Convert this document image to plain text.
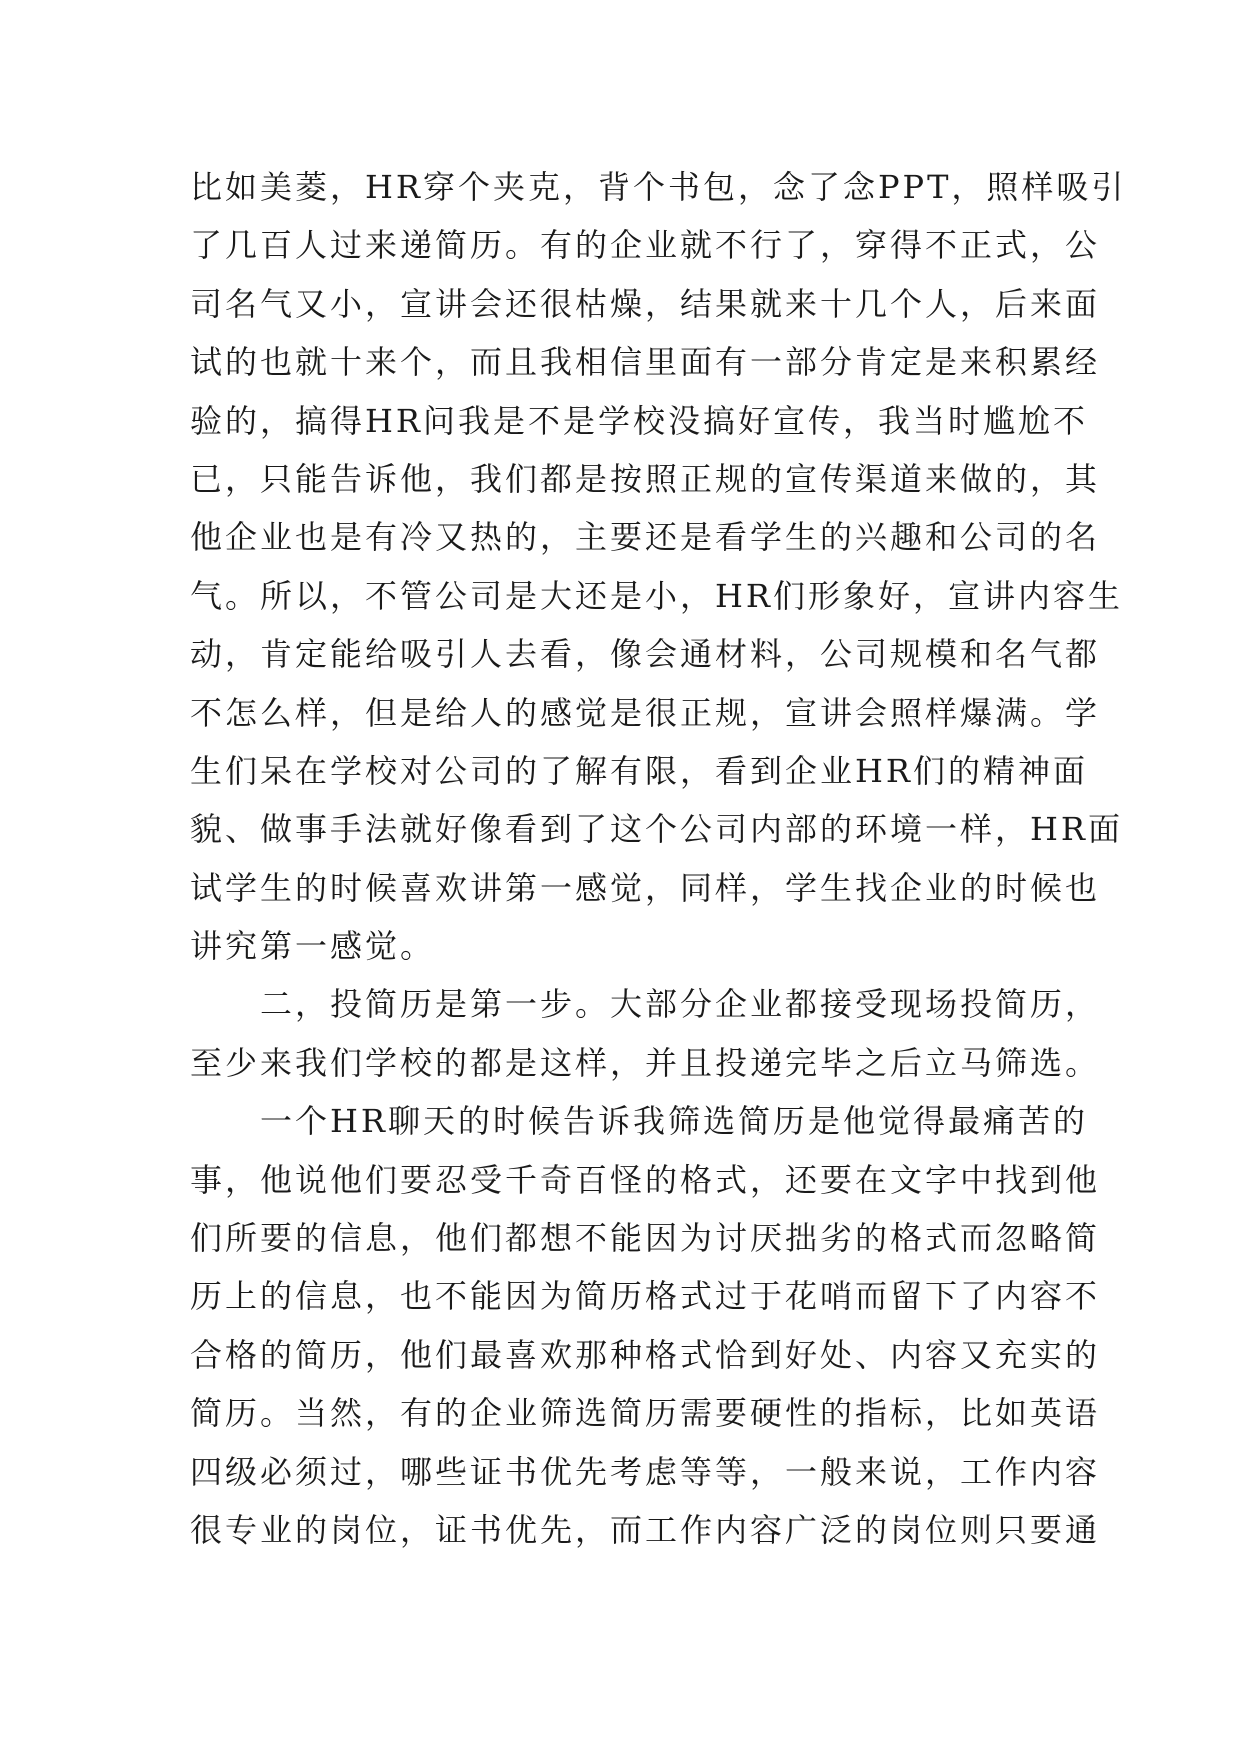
比如美菱，HR穿个夹克，背个书包，念了念PPT，照样吸引
了几百人过来递简历。有的企业就不行了，穿得不正式，公
司名气又小，宣讲会还很枯燥，结果就来十几个人，后来面
试的也就十来个，而且我相信里面有一部分肯定是来积累经
验的，搞得HR问我是不是学校没搞好宣传，我当时尴尬不
已，只能告诉他，我们都是按照正规的宣传渠道来做的，其
他企业也是有冷又热的，主要还是看学生的兴趣和公司的名
气。所以，不管公司是大还是小，HR们形象好，宣讲内容生
动，肯定能给吸引人去看，像会通材料，公司规模和名气都
不怎么样，但是给人的感觉是很正规，宣讲会照样爆满。学
生们呆在学校对公司的了解有限，看到企业HR们的精神面
貌、做事手法就好像看到了这个公司内部的环境一样，HR面
试学生的时候喜欢讲第一感觉，同样，学生找企业的时候也
讲究第一感觉。
二，投简历是第一步。大部分企业都接受现场投简历，
至少来我们学校的都是这样，并且投递完毕之后立马筛选。
一个HR聊天的时候告诉我筛选简历是他觉得最痛苦的
事，他说他们要忍受千奇百怪的格式，还要在文字中找到他
们所要的信息，他们都想不能因为讨厌拙劣的格式而忽略简
历上的信息，也不能因为简历格式过于花哨而留下了内容不
合格的简历，他们最喜欢那种格式恰到好处、内容又充实的
简历。当然，有的企业筛选简历需要硬性的指标，比如英语
四级必须过，哪些证书优先考虑等等，一般来说，工作内容
很专业的岗位，证书优先，而工作内容广泛的岗位则只要通
